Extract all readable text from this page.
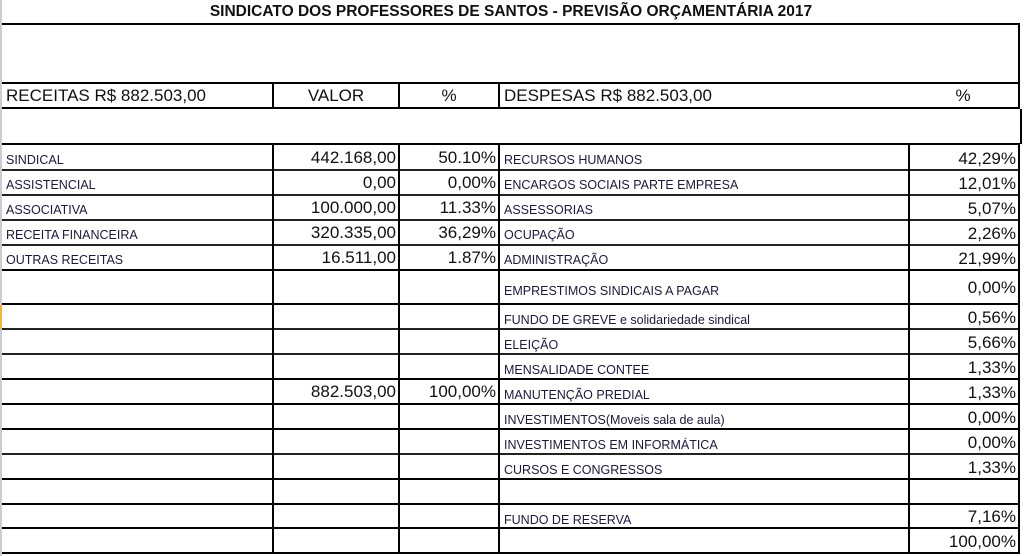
SINDICATO DOS PROFESSORES DE SANTOS - PREVISÃO ORÇAMENTÁRIA 2017
RECEITAS R$ 882.503,00	VALOR	%	DESPESAS R$ 882.503,00	%
SINDICAL	442.168,00	50.10% RECURSOS HUMANOS	42,29%
ASSISTENCIAL	0,00	0,00% ENCARGOS SOCIAIS PARTE EMPRESA	12,01%
ASSOCIATIVA	100.000,00	11.33% ASSESSORIAS	5,07%
RECEITA FINANCEIRA	320.335,00	36,29% OCUPAÇÃO	2,26%
OUTRAS RECEITAS	16.511,00	1.87% ADMINISTRAÇÃO	21,99%
EMPRESTIMOS SINDICAIS A PAGAR	0,00%
FUNDO DE GREVE e solidariedade sindical	0,56%
ELEIÇÃO	5,66%
MENSALIDADE CONTEE	1,33%
882.503,00	100,00% MANUTENÇÃO PREDIAL	1,33%
INVESTIMENTOS(Moveis sala de aula)	0,00%
INVESTIMENTOS EM INFORMÁTICA	0,00%
CURSOS E CONGRESSOS	1,33%
FUNDO DE RESERVA	7,16%
100,00%
